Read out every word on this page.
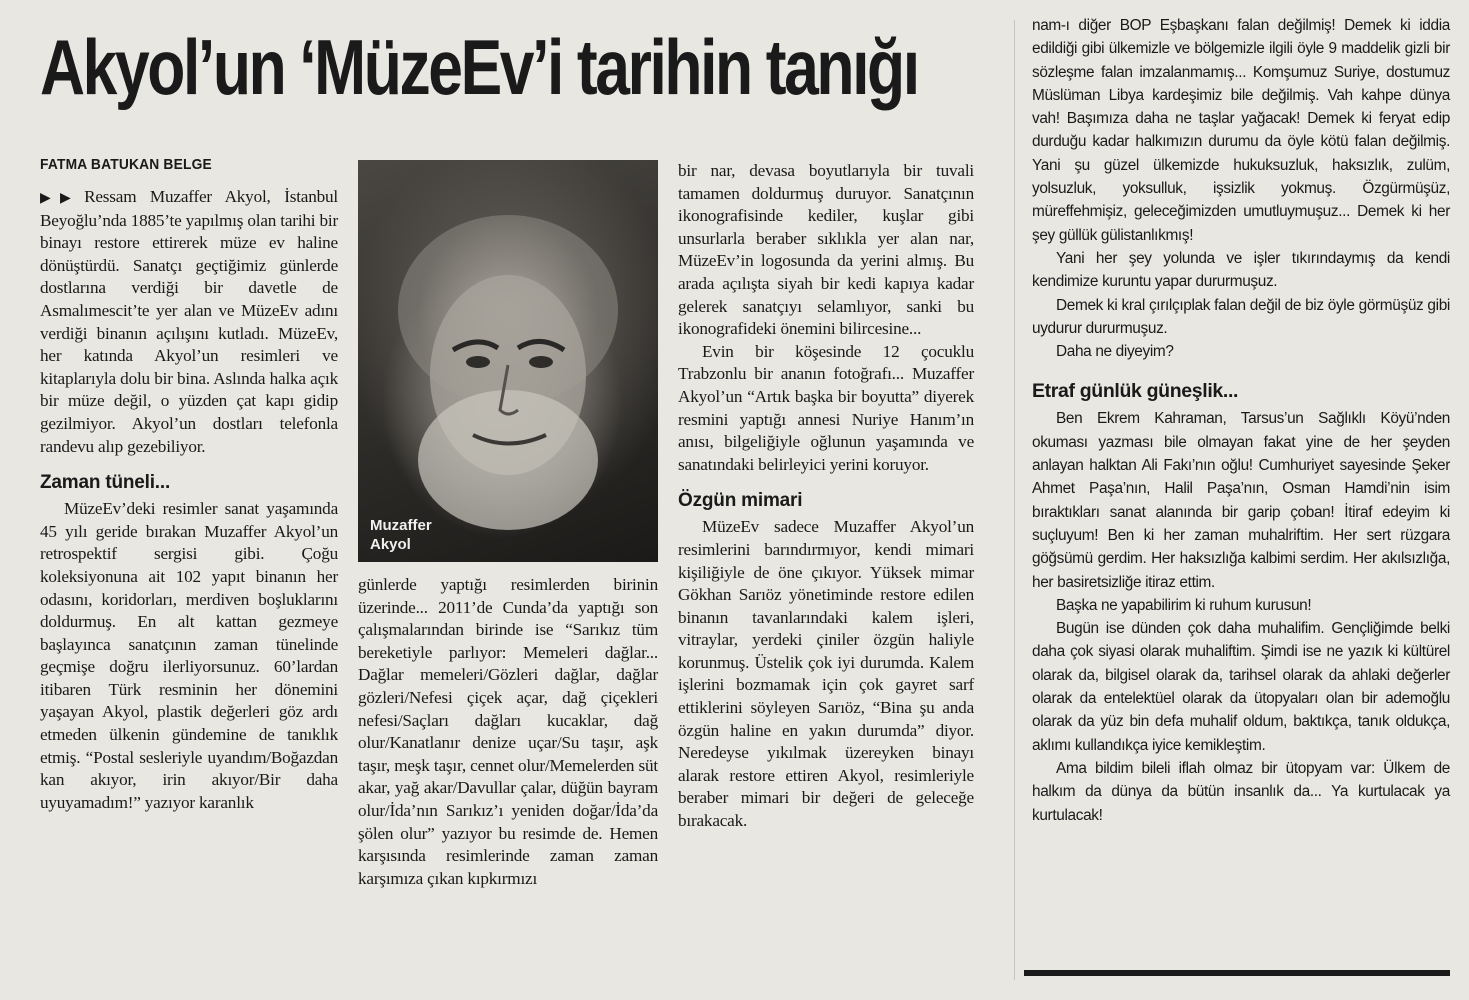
Akyol’un ‘MüzeEv’i tarihin tanığı
FATMA BATUKAN BELGE

▶▶ Ressam Muzaffer Akyol, İstanbul Beyoğlu’nda 1885’te yapılmış olan tarihi bir binayı restore ettirerek müze ev haline dönüştürdü. Sanatçı geçtiğimiz günlerde dostlarına verdiği bir davetle de Asmalımescit’te yer alan ve MüzeEv adını verdiği binanın açılışını kutladı. MüzeEv, her katında Akyol’un resimleri ve kitaplarıyla dolu bir bina. Aslında halka açık bir müze değil, o yüzden çat kapı gidip gezilmiyor. Akyol’un dostları telefonla randevu alıp gezebiliyor.

Zaman tüneli...

MüzeEv’deki resimler sanat yaşamında 45 yılı geride bırakan Muzaffer Akyol’un retrospektif sergisi gibi. Çoğu koleksiyonuna ait 102 yapıt binanın her odasını, koridorları, merdiven boşluklarını doldurmuş. En alt kattan gezmeye başlayınca sanatçının zaman tünelinde geçmişe doğru ilerliyorsunuz. 60’lardan itibaren Türk resminin her dönemini yaşayan Akyol, plastik değerleri göz ardı etmeden ülkenin gündemine de tanıklık etmiş. “Postal sesleriyle uyandım/Boğazdan kan akıyor, irin akıyor/Bir daha uyuyamadım!” yazıyor karanlık

Muzaffer
Akyol

günlerde yaptığı resimlerden birinin üzerinde... 2011’de Cunda’da yaptığı son çalışmalarından birinde ise “Sarıkız tüm bereketiyle parlıyor: Memeleri dağlar... Dağlar memeleri/Gözleri dağlar, dağlar gözleri/Nefesi çiçek açar, dağ çiçekleri nefesi/Saçları dağları kucaklar, dağ olur/Kanatlanır denize uçar/Su taşır, aşk taşır, meşk taşır, cennet olur/Memelerden süt akar, yağ akar/Davullar çalar, düğün bayram olur/İda’nın Sarıkız’ı yeniden doğar/İda’da şölen olur” yazıyor bu resimde de. Hemen karşısında resimlerinde zaman zaman karşımıza çıkan kıpkırmızı

bir nar, devasa boyutlarıyla bir tuvali tamamen doldurmuş duruyor. Sanatçının ikonografisinde kediler, kuşlar gibi unsurlarla beraber sıklıkla yer alan nar, MüzeEv’in logosunda da yerini almış. Bu arada açılışta siyah bir kedi kapıya kadar gelerek sanatçıyı selamlıyor, sanki bu ikonografideki önemini bilircesine...

Evin bir köşesinde 12 çocuklu Trabzonlu bir ananın fotoğrafı... Muzaffer Akyol’un “Artık başka bir boyutta” diyerek resmini yaptığı annesi Nuriye Hanım’ın anısı, bilgeliğiyle oğlunun yaşamında ve sanatındaki belirleyici yerini koruyor.

Özgün mimari

MüzeEv sadece Muzaffer Akyol’un resimlerini barındırmıyor, kendi mimari kişiliğiyle de öne çıkıyor. Yüksek mimar Gökhan Sarıöz yönetiminde restore edilen binanın tavanlarındaki kalem işleri, vitraylar, yerdeki çiniler özgün haliyle korunmuş. Üstelik çok iyi durumda. Kalem işlerini bozmamak için çok gayret sarf ettiklerini söyleyen Sarıöz, “Bina şu anda özgün haline en yakın durumda” diyor. Neredeyse yıkılmak üzereyken binayı alarak restore ettiren Akyol, resimleriyle beraber mimari bir değeri de geleceğe bırakacak.

nam-ı diğer BOP Eşbaşkanı falan değilmiş! Demek ki iddia edildiği gibi ülkemizle ve bölgemizle ilgili öyle 9 maddelik gizli bir sözleşme falan imzalanmamış... Komşumuz Suriye, dostumuz Müslüman Libya kardeşimiz bile değilmiş. Vah kahpe dünya vah! Başımıza daha ne taşlar yağacak! Demek ki feryat edip durduğu kadar halkımızın durumu da öyle kötü falan değilmiş. Yani şu güzel ülkemizde hukuksuzluk, haksızlık, zulüm, yolsuzluk, yoksulluk, işsizlik yokmuş. Özgürmüşüz, müreffehmişiz, geleceğimizden umutluymuşuz... Demek ki her şey güllük gülistanlıkmış!

Yani her şey yolunda ve işler tıkırındaymış da kendi kendimize kuruntu yapar dururmuşuz.

Demek ki kral çırılçıplak falan değil de biz öyle görmüşüz gibi uydurur dururmuşuz.

Daha ne diyeyim?

Etraf günlük güneşlik...

Ben Ekrem Kahraman, Tarsus’un Sağlıklı Köyü’nden okuması yazması bile olmayan fakat yine de her şeyden anlayan halktan Ali Fakı’nın oğlu! Cumhuriyet sayesinde Şeker Ahmet Paşa’nın, Halil Paşa’nın, Osman Hamdi’nin isim bıraktıkları sanat alanında bir garip çoban! İtiraf edeyim ki suçluyum! Ben ki her zaman muhalriftim. Her sert rüzgara göğsümü gerdim. Her haksızlığa kalbimi serdim. Her akılsızlığa, her basiretsizliğe itiraz ettim.

Başka ne yapabilirim ki ruhum kurusun!

Bugün ise dünden çok daha muhalifim. Gençliğimde belki daha çok siyasi olarak muhaliftim. Şimdi ise ne yazık ki kültürel olarak da, bilgisel olarak da, tarihsel olarak da ahlaki değerler olarak da entelektüel olarak da ütopyaları olan bir ademoğlu olarak da yüz bin defa muhalif oldum, baktıkça, tanık oldukça, aklımı kullandıkça iyice kemikleştim.

Ama bildim bileli iflah olmaz bir ütopyam var: Ülkem de halkım da dünya da bütün insanlık da... Ya kurtulacak ya kurtulacak!
